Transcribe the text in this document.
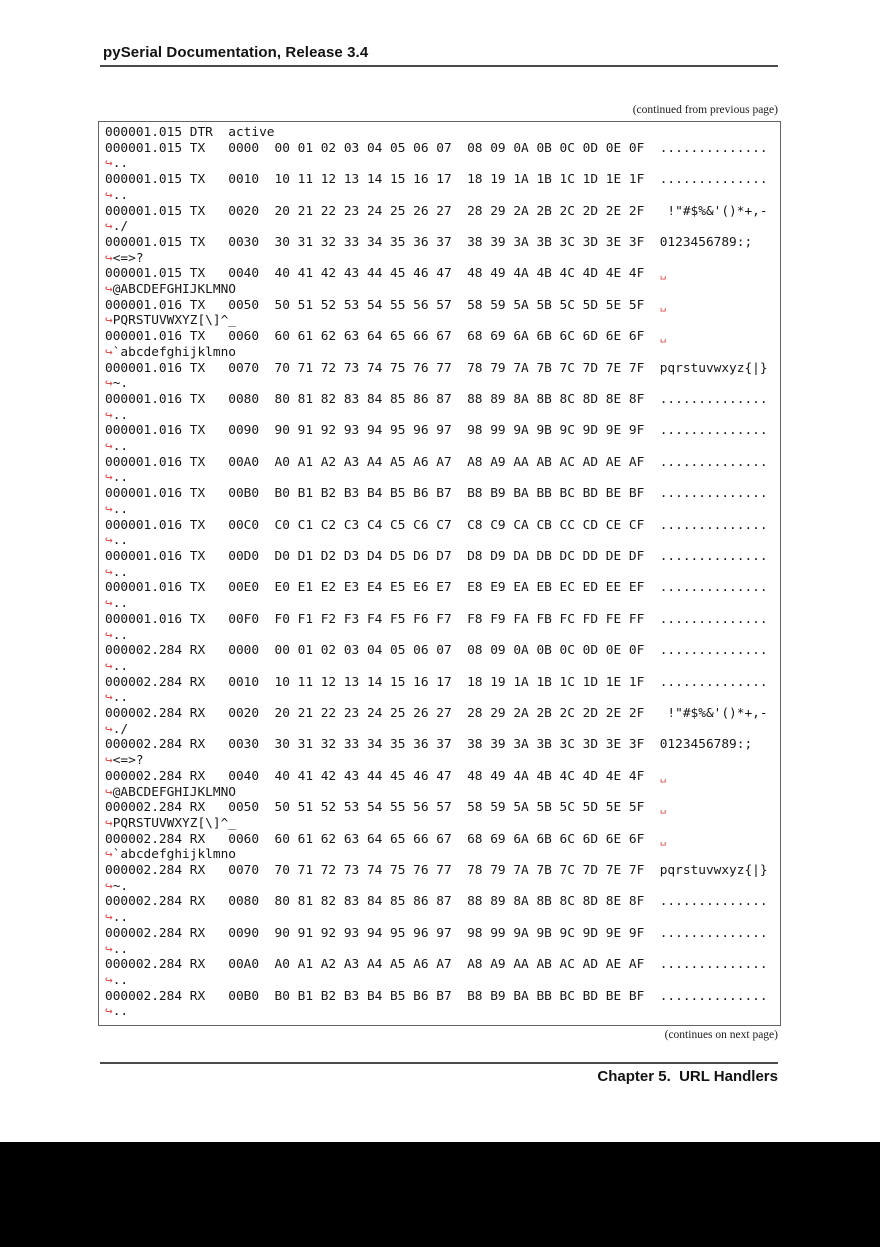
pySerial Documentation, Release 3.4
(continued from previous page)
000001.015 DTR  active
000001.015 TX   0000  00 01 02 03 04 05 06 07  08 09 0A 0B 0C 0D 0E 0F  ..............
↪..
000001.015 TX   0010  10 11 12 13 14 15 16 17  18 19 1A 1B 1C 1D 1E 1F  ..............
↪..
000001.015 TX   0020  20 21 22 23 24 25 26 27  28 29 2A 2B 2C 2D 2E 2F   !"#$%&'()*+,-
↪./
000001.015 TX   0030  30 31 32 33 34 35 36 37  38 39 3A 3B 3C 3D 3E 3F  0123456789:;
↪<=>?
000001.015 TX   0040  40 41 42 43 44 45 46 47  48 49 4A 4B 4C 4D 4E 4F  ␣
↪@ABCDEFGHIJKLMNO
000001.016 TX   0050  50 51 52 53 54 55 56 57  58 59 5A 5B 5C 5D 5E 5F  ␣
↪PQRSTUVWXYZ[\]^_
000001.016 TX   0060  60 61 62 63 64 65 66 67  68 69 6A 6B 6C 6D 6E 6F  ␣
↪`abcdefghijklmno
000001.016 TX   0070  70 71 72 73 74 75 76 77  78 79 7A 7B 7C 7D 7E 7F  pqrstuvwxyz{|}
↪~.
000001.016 TX   0080  80 81 82 83 84 85 86 87  88 89 8A 8B 8C 8D 8E 8F  ..............
↪..
000001.016 TX   0090  90 91 92 93 94 95 96 97  98 99 9A 9B 9C 9D 9E 9F  ..............
↪..
000001.016 TX   00A0  A0 A1 A2 A3 A4 A5 A6 A7  A8 A9 AA AB AC AD AE AF  ..............
↪..
000001.016 TX   00B0  B0 B1 B2 B3 B4 B5 B6 B7  B8 B9 BA BB BC BD BE BF  ..............
↪..
000001.016 TX   00C0  C0 C1 C2 C3 C4 C5 C6 C7  C8 C9 CA CB CC CD CE CF  ..............
↪..
000001.016 TX   00D0  D0 D1 D2 D3 D4 D5 D6 D7  D8 D9 DA DB DC DD DE DF  ..............
↪..
000001.016 TX   00E0  E0 E1 E2 E3 E4 E5 E6 E7  E8 E9 EA EB EC ED EE EF  ..............
↪..
000001.016 TX   00F0  F0 F1 F2 F3 F4 F5 F6 F7  F8 F9 FA FB FC FD FE FF  ..............
↪..
000002.284 RX   0000  00 01 02 03 04 05 06 07  08 09 0A 0B 0C 0D 0E 0F  ..............
↪..
000002.284 RX   0010  10 11 12 13 14 15 16 17  18 19 1A 1B 1C 1D 1E 1F  ..............
↪..
000002.284 RX   0020  20 21 22 23 24 25 26 27  28 29 2A 2B 2C 2D 2E 2F   !"#$%&'()*+,-
↪./
000002.284 RX   0030  30 31 32 33 34 35 36 37  38 39 3A 3B 3C 3D 3E 3F  0123456789:;
↪<=>?
000002.284 RX   0040  40 41 42 43 44 45 46 47  48 49 4A 4B 4C 4D 4E 4F  ␣
↪@ABCDEFGHIJKLMNO
000002.284 RX   0050  50 51 52 53 54 55 56 57  58 59 5A 5B 5C 5D 5E 5F  ␣
↪PQRSTUVWXYZ[\]^_
000002.284 RX   0060  60 61 62 63 64 65 66 67  68 69 6A 6B 6C 6D 6E 6F  ␣
↪`abcdefghijklmno
000002.284 RX   0070  70 71 72 73 74 75 76 77  78 79 7A 7B 7C 7D 7E 7F  pqrstuvwxyz{|}
↪~.
000002.284 RX   0080  80 81 82 83 84 85 86 87  88 89 8A 8B 8C 8D 8E 8F  ..............
↪..
000002.284 RX   0090  90 91 92 93 94 95 96 97  98 99 9A 9B 9C 9D 9E 9F  ..............
↪..
000002.284 RX   00A0  A0 A1 A2 A3 A4 A5 A6 A7  A8 A9 AA AB AC AD AE AF  ..............
↪..
000002.284 RX   00B0  B0 B1 B2 B3 B4 B5 B6 B7  B8 B9 BA BB BC BD BE BF  ..............
↪..
(continues on next page)
Chapter 5.  URL Handlers
